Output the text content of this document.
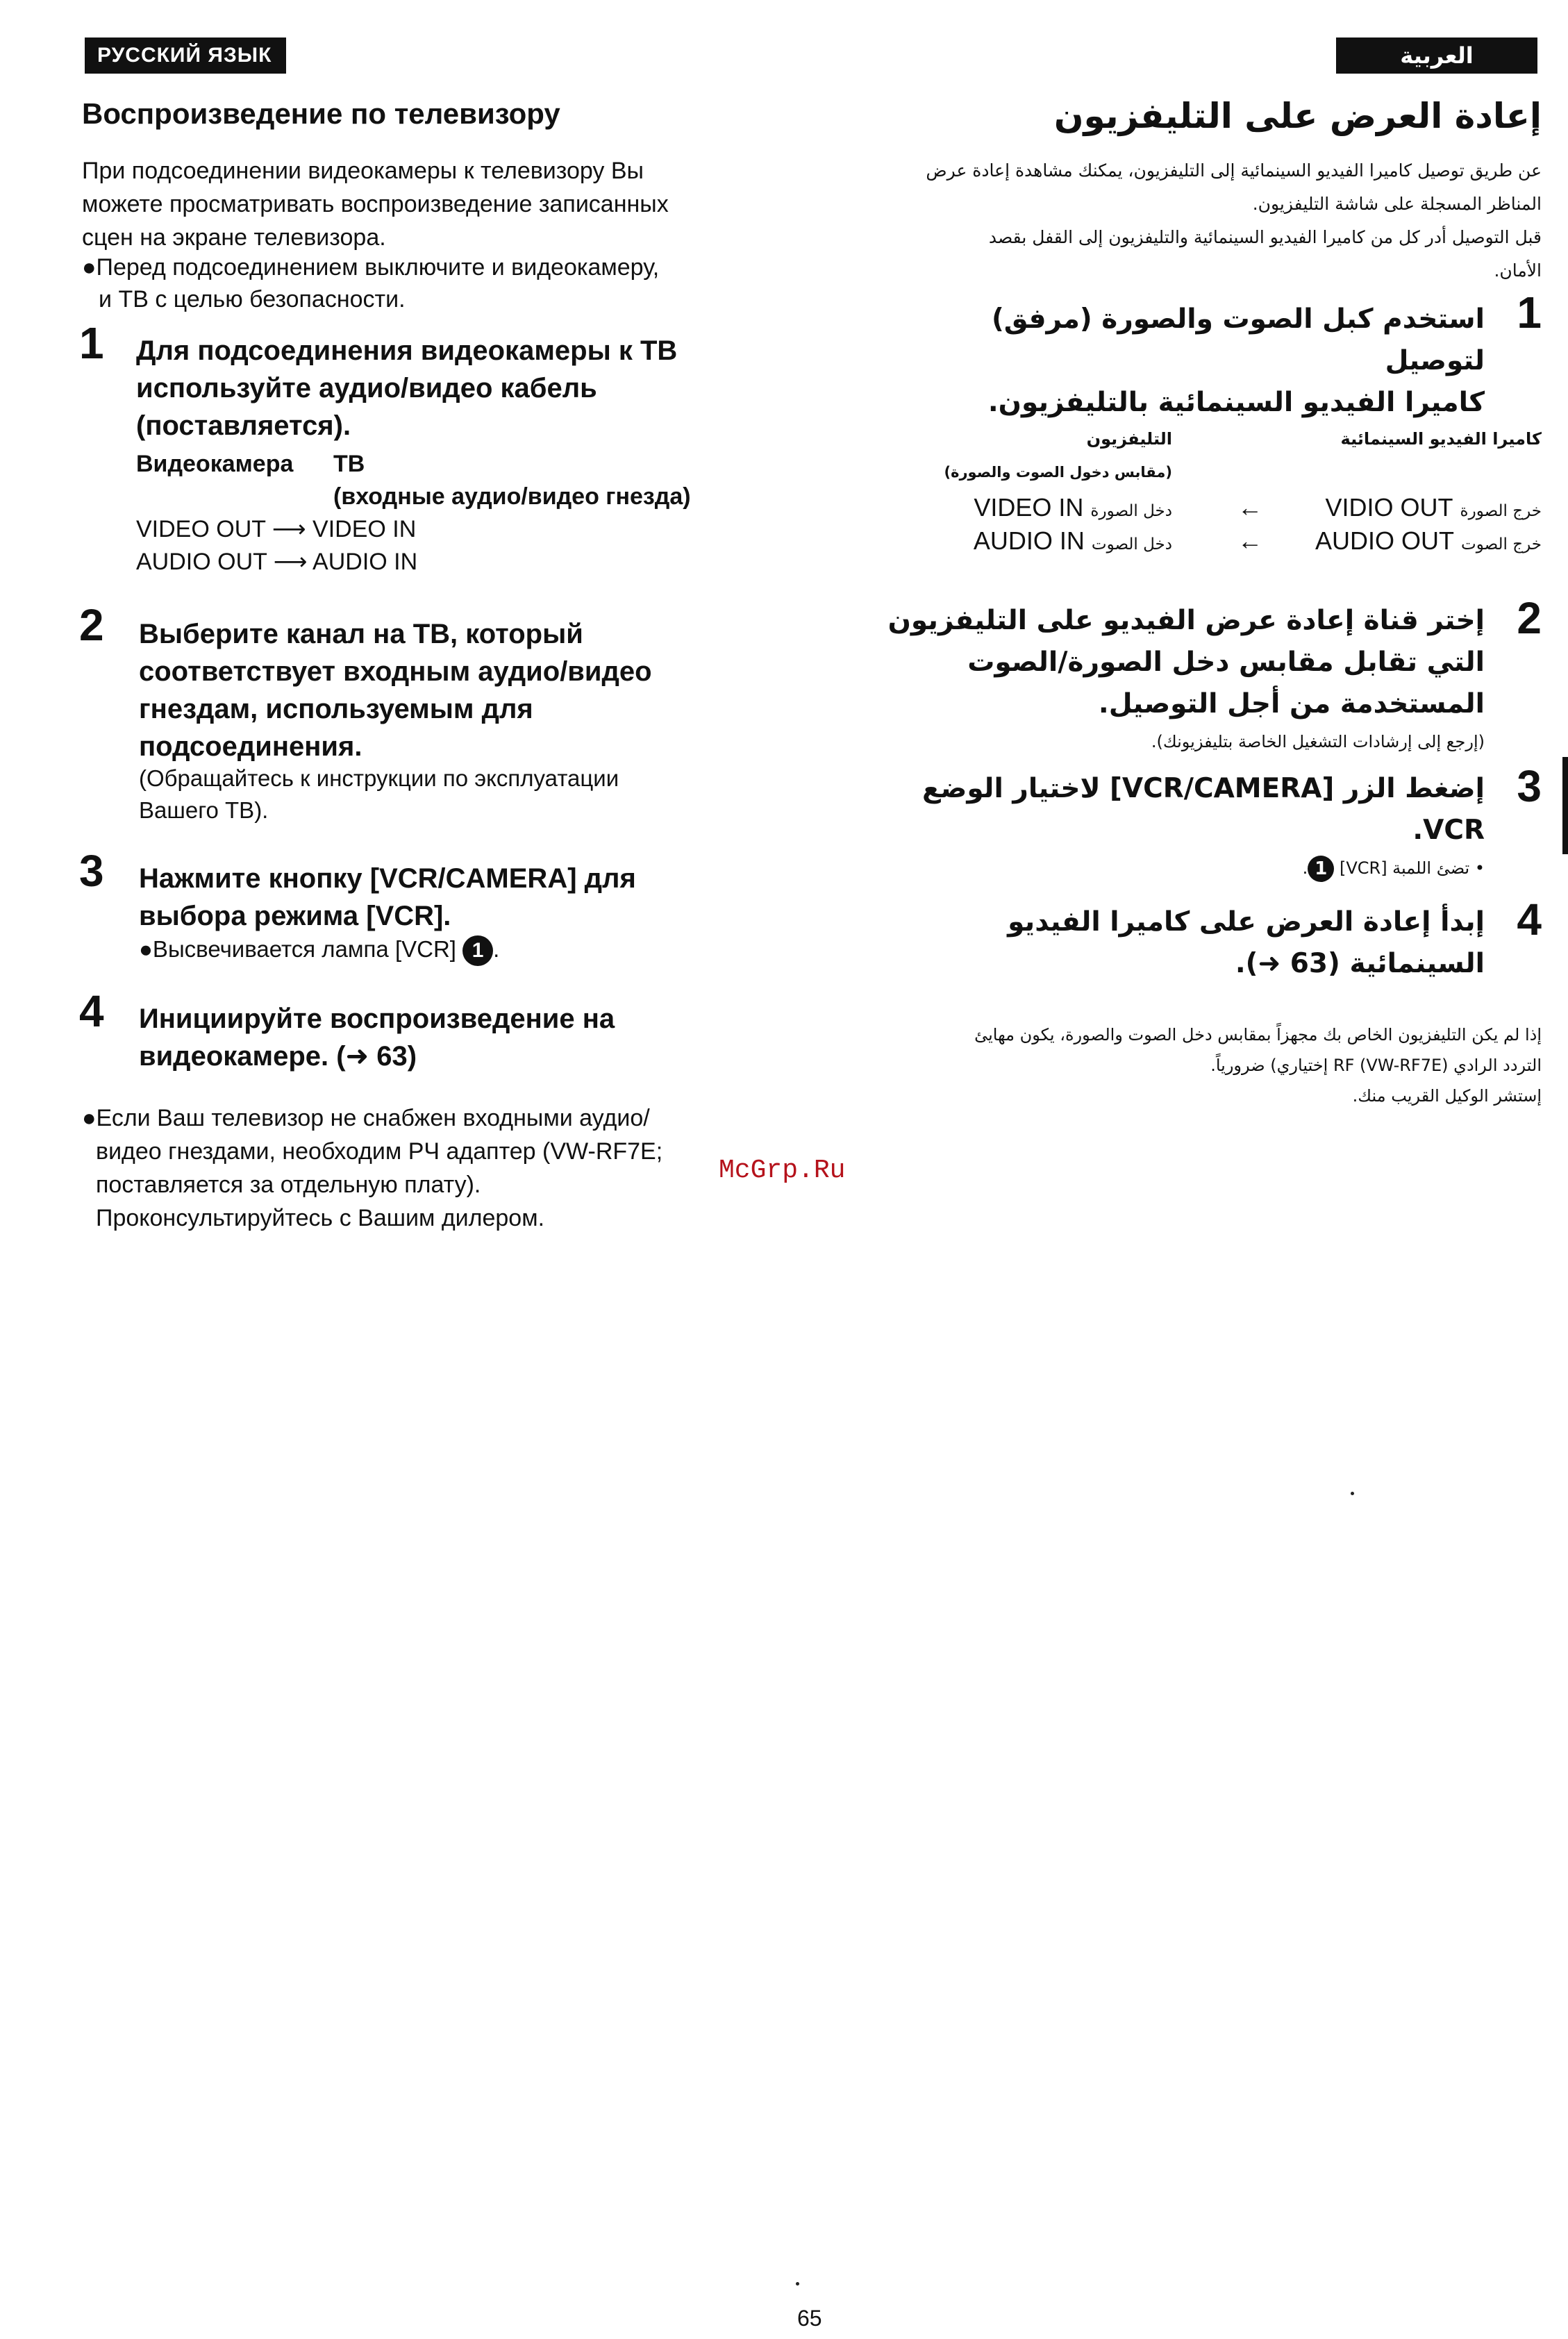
РУССКИЙ ЯЗЫК	العربية
Воспроизведение по телевизору
При подсоединении видеокамеры к телевизору Вы
можете просматривать воспроизведение записанных
сцен на экране телевизора.
●Перед подсоединением выключите и видеокамеру,
и ТВ с целью безопасности.
1 Для подсоединения видеокамеры к ТВ
используйте аудио/видео кабель
(поставляется).
Видеокамера ТВ
(входные аудио/видео гнезда)
VIDEO OUT ⟶ VIDEO IN
AUDIO OUT ⟶ AUDIO IN
2 Выберите канал на ТВ, который
соответствует входным аудио/видео
гнездам, используемым для
подсоединения.
(Обращайтесь к инструкции по эксплуатации
Вашего ТВ).
3 Нажмите кнопку [VCR/CAMERA] для
выбора режима [VCR].
●Высвечивается лампа [VCR] 1 .
4 Инициируйте воспроизведение на
видеокамере. (➜ 63)
●Если Ваш телевизор не снабжен входными аудио/
видео гнездами, необходим РЧ адаптер (VW-RF7E;
поставляется за отдельную плату).
Проконсультируйтесь с Вашим дилером.
إعادة العرض على التليفزيون
عن طريق توصيل كاميرا الفيديو السينمائية إلى التليفزيون، يمكنك مشاهدة إعادة عرض
المناظر المسجلة على شاشة التليفزيون.
قبل التوصيل أدر كل من كاميرا الفيديو السينمائية والتليفزيون إلى القفل بقصد
الأمان.
1
استخدم كبل الصوت والصورة (مرفق) لتوصيل
كاميرا الفيديو السينمائية بالتليفزيون.
التليفزيون
(مقابس دخول الصوت والصورة)
كاميرا الفيديو السينمائية
دخل الصورة VIDEO IN
دخل الصوت AUDIO IN
←
←
خرج الصورة VIDIO OUT
خرج الصوت AUDIO OUT
2
إختر قناة إعادة عرض الفيديو على التليفزيون
التي تقابل مقابس دخل الصورة/الصوت
المستخدمة من أجل التوصيل.
(إرجع إلى إرشادات التشغيل الخاصة بتليفزيونك).
3
إضغط الزر [VCR/CAMERA] لاختيار الوضع
VCR.
• تضئ اللمبة [VCR] 1.
4
إبدأ إعادة العرض على كاميرا الفيديو
السينمائية (63 ➜).
إذا لم يكن التليفزيون الخاص بك مجهزاً بمقابس دخل الصوت والصورة، يكون مهايئ
التردد الرادي RF (VW-RF7E) إختياري) ضرورياً.
إستشر الوكيل القريب منك.
McGrp.Ru
65
